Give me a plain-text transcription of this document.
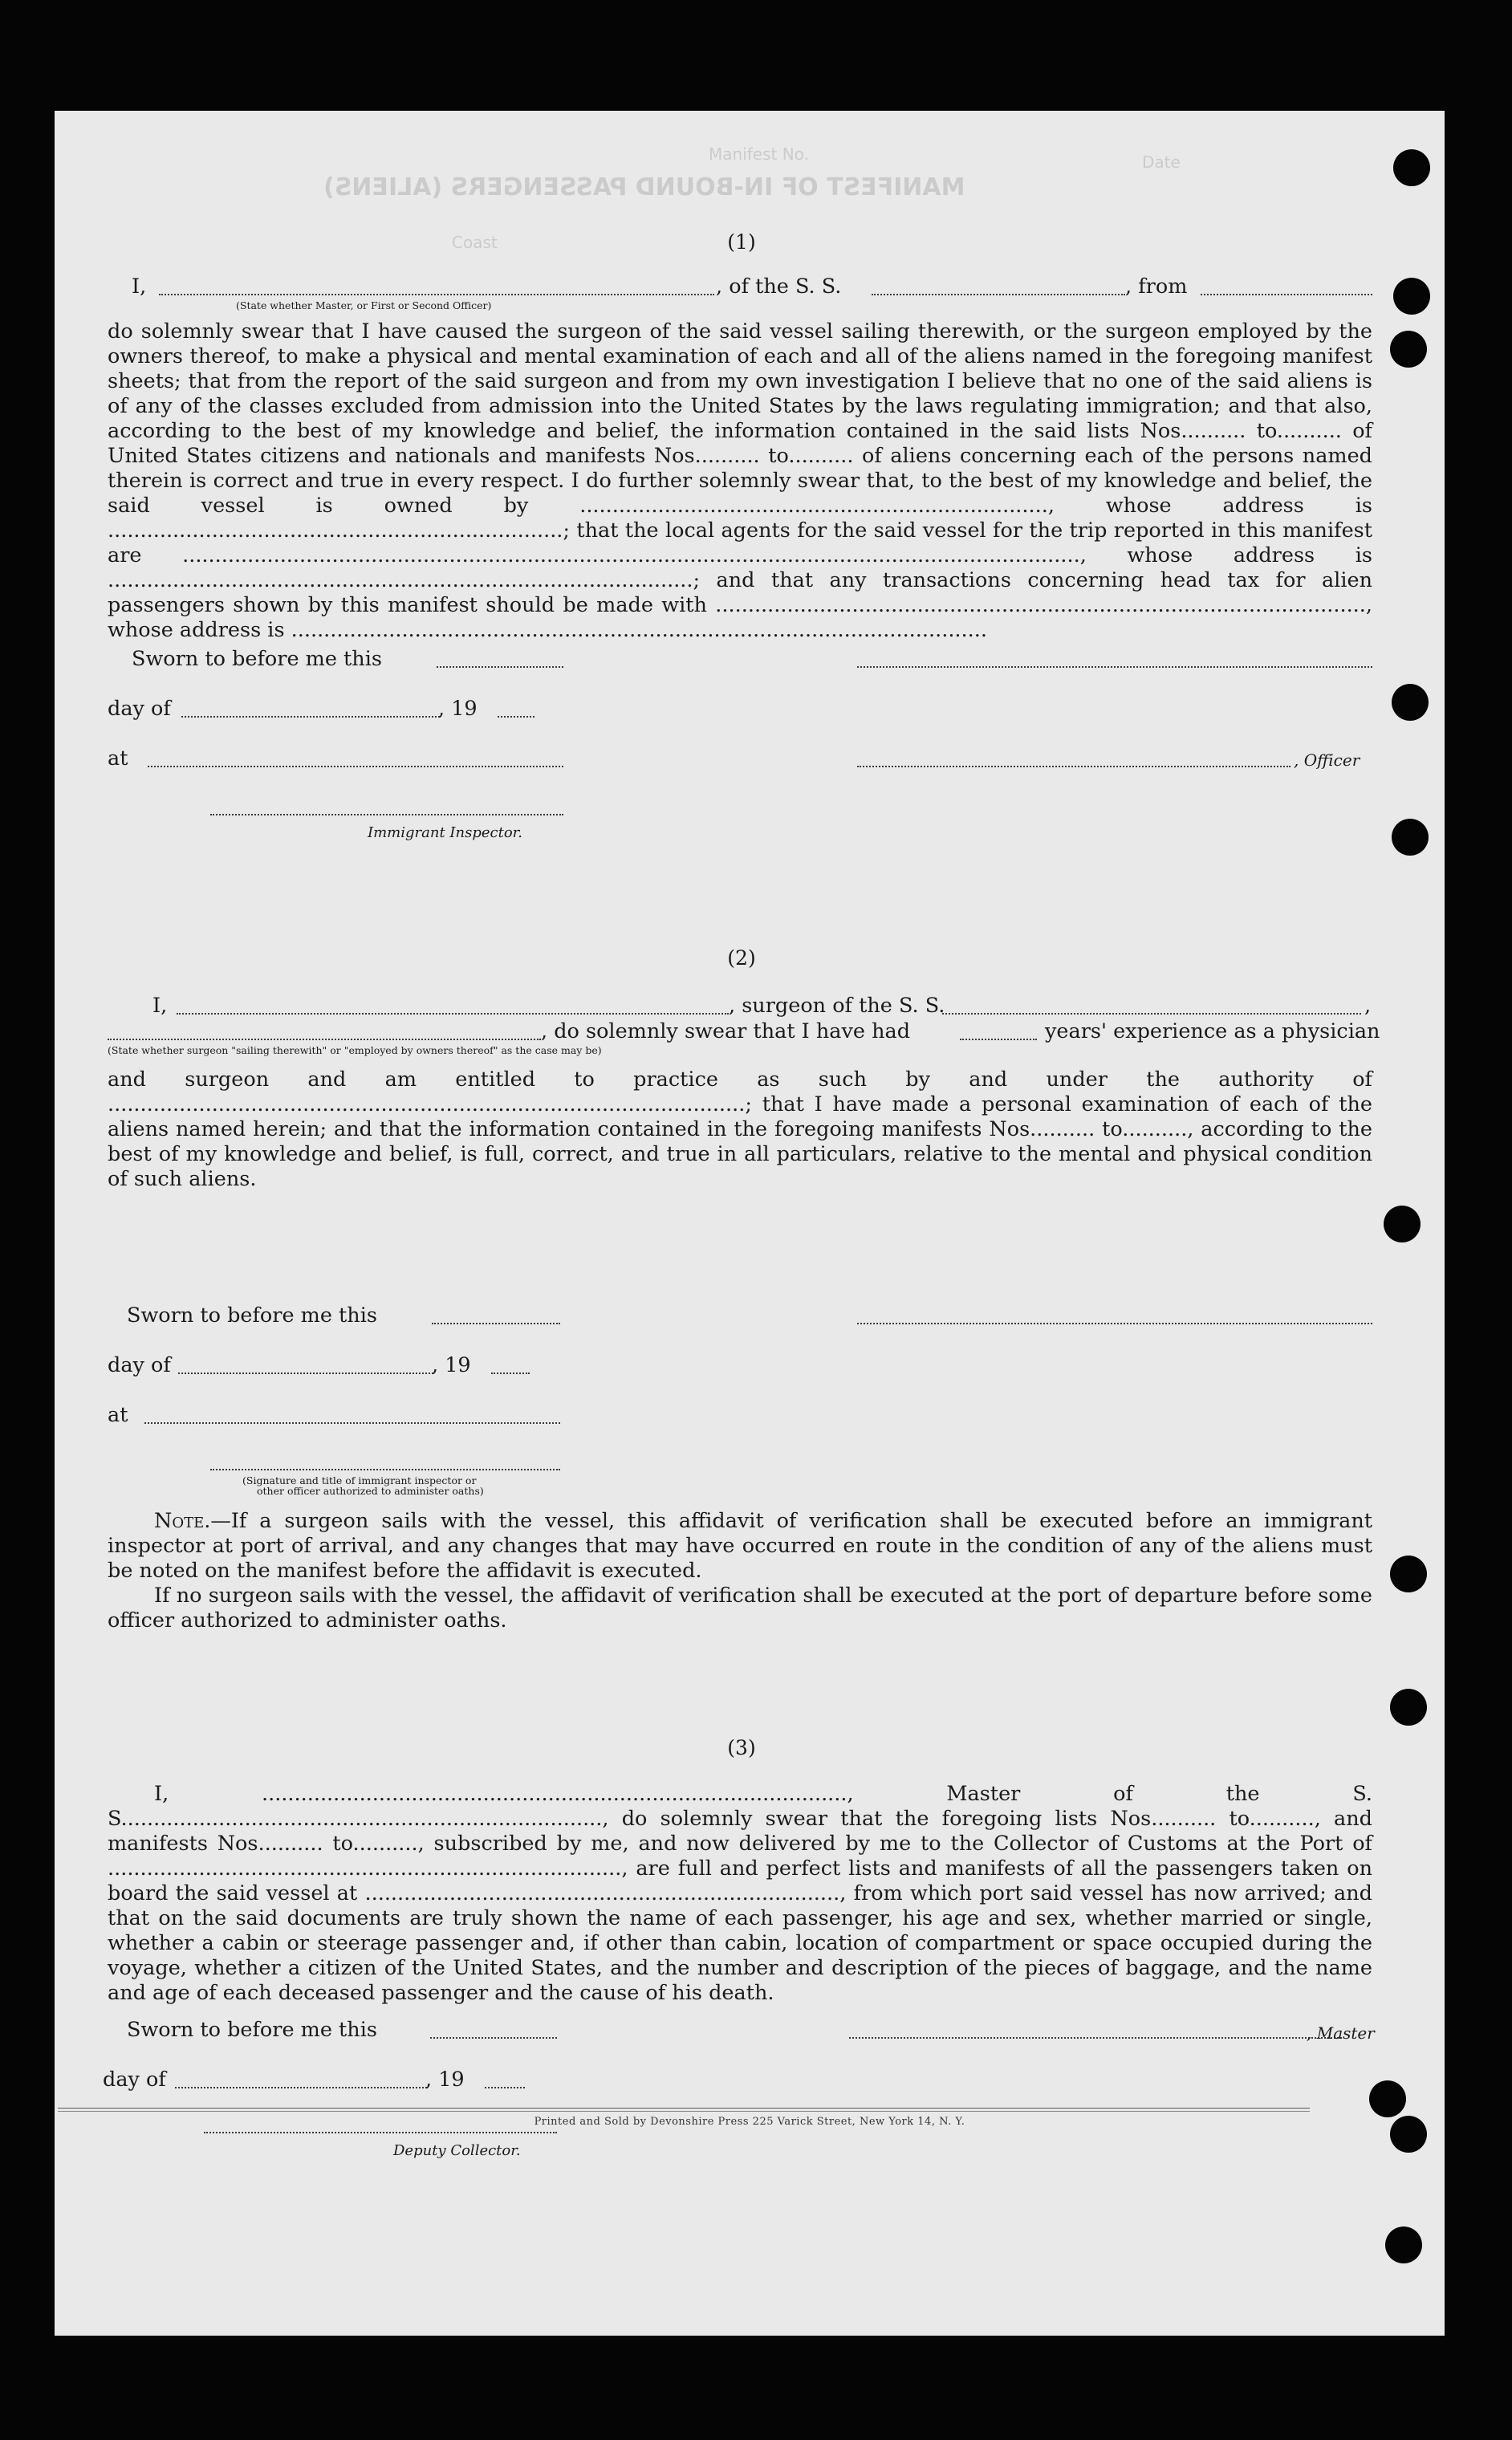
Manifest No.
MANIFEST OF IN-BOUND PASSENGERS (ALIENS)
Coast
Date
(1)
I,	, of the S. S.	, from
(State whether Master, or First or Second Officer)

do solemnly swear that I have caused the surgeon of the said vessel sailing therewith, or the surgeon employed by the owners thereof, to make a physical and mental examination of each and all of the aliens named in the foregoing manifest sheets; that from the report of the said surgeon and from my own investigation I believe that no one of the said aliens is of any of the classes excluded from admission into the United States by the laws regulating immigration; and that also, according to the best of my knowledge and belief, the information contained in the said lists Nos.......... to.......... of United States citizens and nationals and manifests Nos.......... to.......... of aliens concerning each of the persons named therein is correct and true in every respect. I do further solemnly swear that, to the best of my knowledge and belief, the said vessel is owned by ........................................................................, whose address is ......................................................................; that the local agents for the said vessel for the trip reported in this manifest are .........................................................................................................................................., whose address is ..........................................................................................; and that any transactions concerning head tax for alien passengers shown by this manifest should be made with ...................................................................................................., whose address is ...........................................................................................................

Sworn to before me this
day of	, 19
at	, Officer
Immigrant Inspector.
(2)
I,	, surgeon of the S. S.	,
, do solemnly swear that I have had	years' experience as a physician
(State whether surgeon "sailing therewith" or "employed by owners thereof" as the case may be)

and surgeon and am entitled to practice as such by and under the authority of ..................................................................................................; that I have made a personal examination of each of the aliens named herein; and that the information contained in the foregoing manifests Nos.......... to.........., according to the best of my knowledge and belief, is full, correct, and true in all particulars, relative to the mental and physical condition of such aliens.

Sworn to before me this
day of	, 19
at
(Signature and title of immigrant inspector or
other officer authorized to administer oaths)

Note.—If a surgeon sails with the vessel, this affidavit of verification shall be executed before an immigrant inspector at port of arrival, and any changes that may have occurred en route in the condition of any of the aliens must be noted on the manifest before the affidavit is executed.

If no surgeon sails with the vessel, the affidavit of verification shall be executed at the port of departure before some officer authorized to administer oaths.

(3)

I, .........................................................................................., Master of the S. S.........................................................................., do solemnly swear that the foregoing lists Nos.......... to.........., and manifests Nos.......... to.........., subscribed by me, and now delivered by me to the Collector of Customs at the Port of ..............................................................................., are full and perfect lists and manifests of all the passengers taken on board the said vessel at ........................................................................., from which port said vessel has now arrived; and that on the said documents are truly shown the name of each passenger, his age and sex, whether married or single, whether a cabin or steerage passenger and, if other than cabin, location of compartment or space occupied during the voyage, whether a citizen of the United States, and the number and description of the pieces of baggage, and the name and age of each deceased passenger and the cause of his death.

Sworn to before me this	, Master
day of	, 19
Deputy Collector.
Printed and Sold by Devonshire Press 225 Varick Street, New York 14, N. Y.
